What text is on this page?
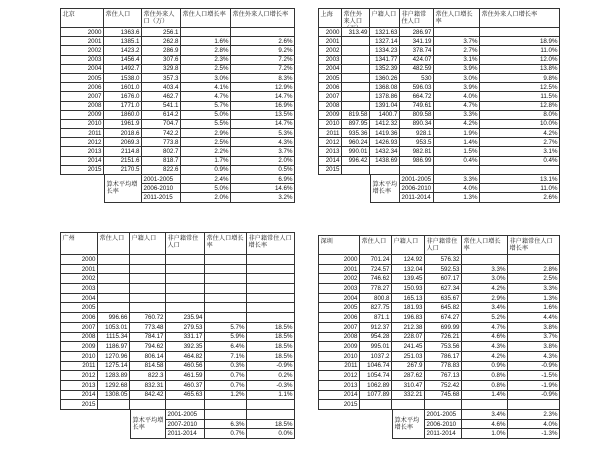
北京	常住人口	常住外来人口（万）
常住人口增长率	常住外来人口增长率
2000	1363.6	256.1
2001	1385.1	262.8	1.6%	2.6%
2002	1423.2	286.9	2.8%	9.2%
2003	1456.4	307.6	2.3%	7.2%
2004	1492.7	329.8	2.5%	7.2%
2005	1538.0	357.3	3.0%	8.3%
2006	1601.0	403.4	4.1%	12.9%
2007	1676.0	462.7	4.7%	14.7%
2008	1771.0	541.1	5.7%	16.9%
2009	1860.0	614.2	5.0%	13.5%
2010	1961.9	704.7	5.5%	14.7%
2011	2018.6	742.2	2.9%	5.3%
2012	2069.3	773.8	2.5%	4.3%
2013	2114.8	802.7	2.2%	3.7%
2014	2151.6	818.7	1.7%	2.0%
2015	2170.5	822.6	0.9%	0.5%
算术平均增长率
2001-2005	2.4%	6.9%
2006-2010	5.0%	14.6%
2011-2015	2.0%	3.2%
上海	常住外来人口
户籍人口 非户籍常住人口
常住人口增长率
常住外来人口增长率
2000	313.49	1321.63	286.97
2001	1327.14	341.19	3.7%	18.9%
2002	1334.23	378.74	2.7%	11.0%
2003	1341.77	424.07	3.1%	12.0%
2004	1352.39	482.59	3.9%	13.8%
2005	1360.26	530	3.0%	9.8%
2006	1368.08	596.03	3.9%	12.5%
2007	1378.86	664.72	4.0%	11.5%
2008	1391.04	749.61	4.7%	12.8%
2009	819.58	1400.7	809.58	3.3%	8.0%
2010	897.95	1412.32	890.34	4.2%	10.0%
2011	935.36	1419.36	928.1	1.9%	4.2%
2012	960.24	1426.93	953.5	1.4%	2.7%
2013	990.01	1432.34	982.81	1.5%	3.1%
2014	996.42	1438.69	986.99	0.4%	0.4%
2015
算术平均增长率
2001-2005	3.3%	13.1%
2006-2010	4.0%	11.0%
2011-2014	1.3%	2.6%
广州	常住人口	户籍人口	非户籍常住人口
常住人口增长率
非户籍常住人口增长率
2000
2001
2002
2003
2004
2005
2006	996.66	760.72	235.94
2007	1053.01	773.48	279.53	5.7%	18.5%
2008	1115.34	784.17	331.17	5.9%	18.5%
2009	1186.97	794.62	392.35	6.4%	18.5%
2010	1270.96	806.14	464.82	7.1%	18.5%
2011	1275.14	814.58	460.56	0.3%	-0.9%
2012	1283.89	822.3	461.59	0.7%	0.2%
2013	1292.68	832.31	460.37	0.7%	-0.3%
2014	1308.05	842.42	465.63	1.2%	1.1%
2015
算术平均增长率
2001-2005
2007-2010	6.3%	18.5%
2011-2014	0.7%	0.0%
深圳	常住人口	户籍人口	非户籍常住人口
常住人口增长率
非户籍常住人口增长率
2000	701.24	124.92	576.32
2001	724.57	132.04	592.53	3.3%	2.8%
2002	746.62	139.45	607.17	3.0%	2.5%
2003	778.27	150.93	627.34	4.2%	3.3%
2004	800.8	165.13	635.67	2.9%	1.3%
2005	827.75	181.93	645.82	3.4%	1.6%
2006	871.1	196.83	674.27	5.2%	4.4%
2007	912.37	212.38	699.99	4.7%	3.8%
2008	954.28	228.07	726.21	4.6%	3.7%
2009	995.01	241.45	753.56	4.3%	3.8%
2010	1037.2	251.03	786.17	4.2%	4.3%
2011	1046.74	267.9	778.83	0.9%	-0.9%
2012	1054.74	287.62	767.13	0.8%	-1.5%
2013	1062.89	310.47	752.42	0.8%	-1.9%
2014	1077.89	332.21	745.68	1.4%	-0.9%
2015
算术平均增长率
2001-2005	3.4%	2.3%
2006-2010	4.6%	4.0%
2011-2014	1.0%	-1.3%
